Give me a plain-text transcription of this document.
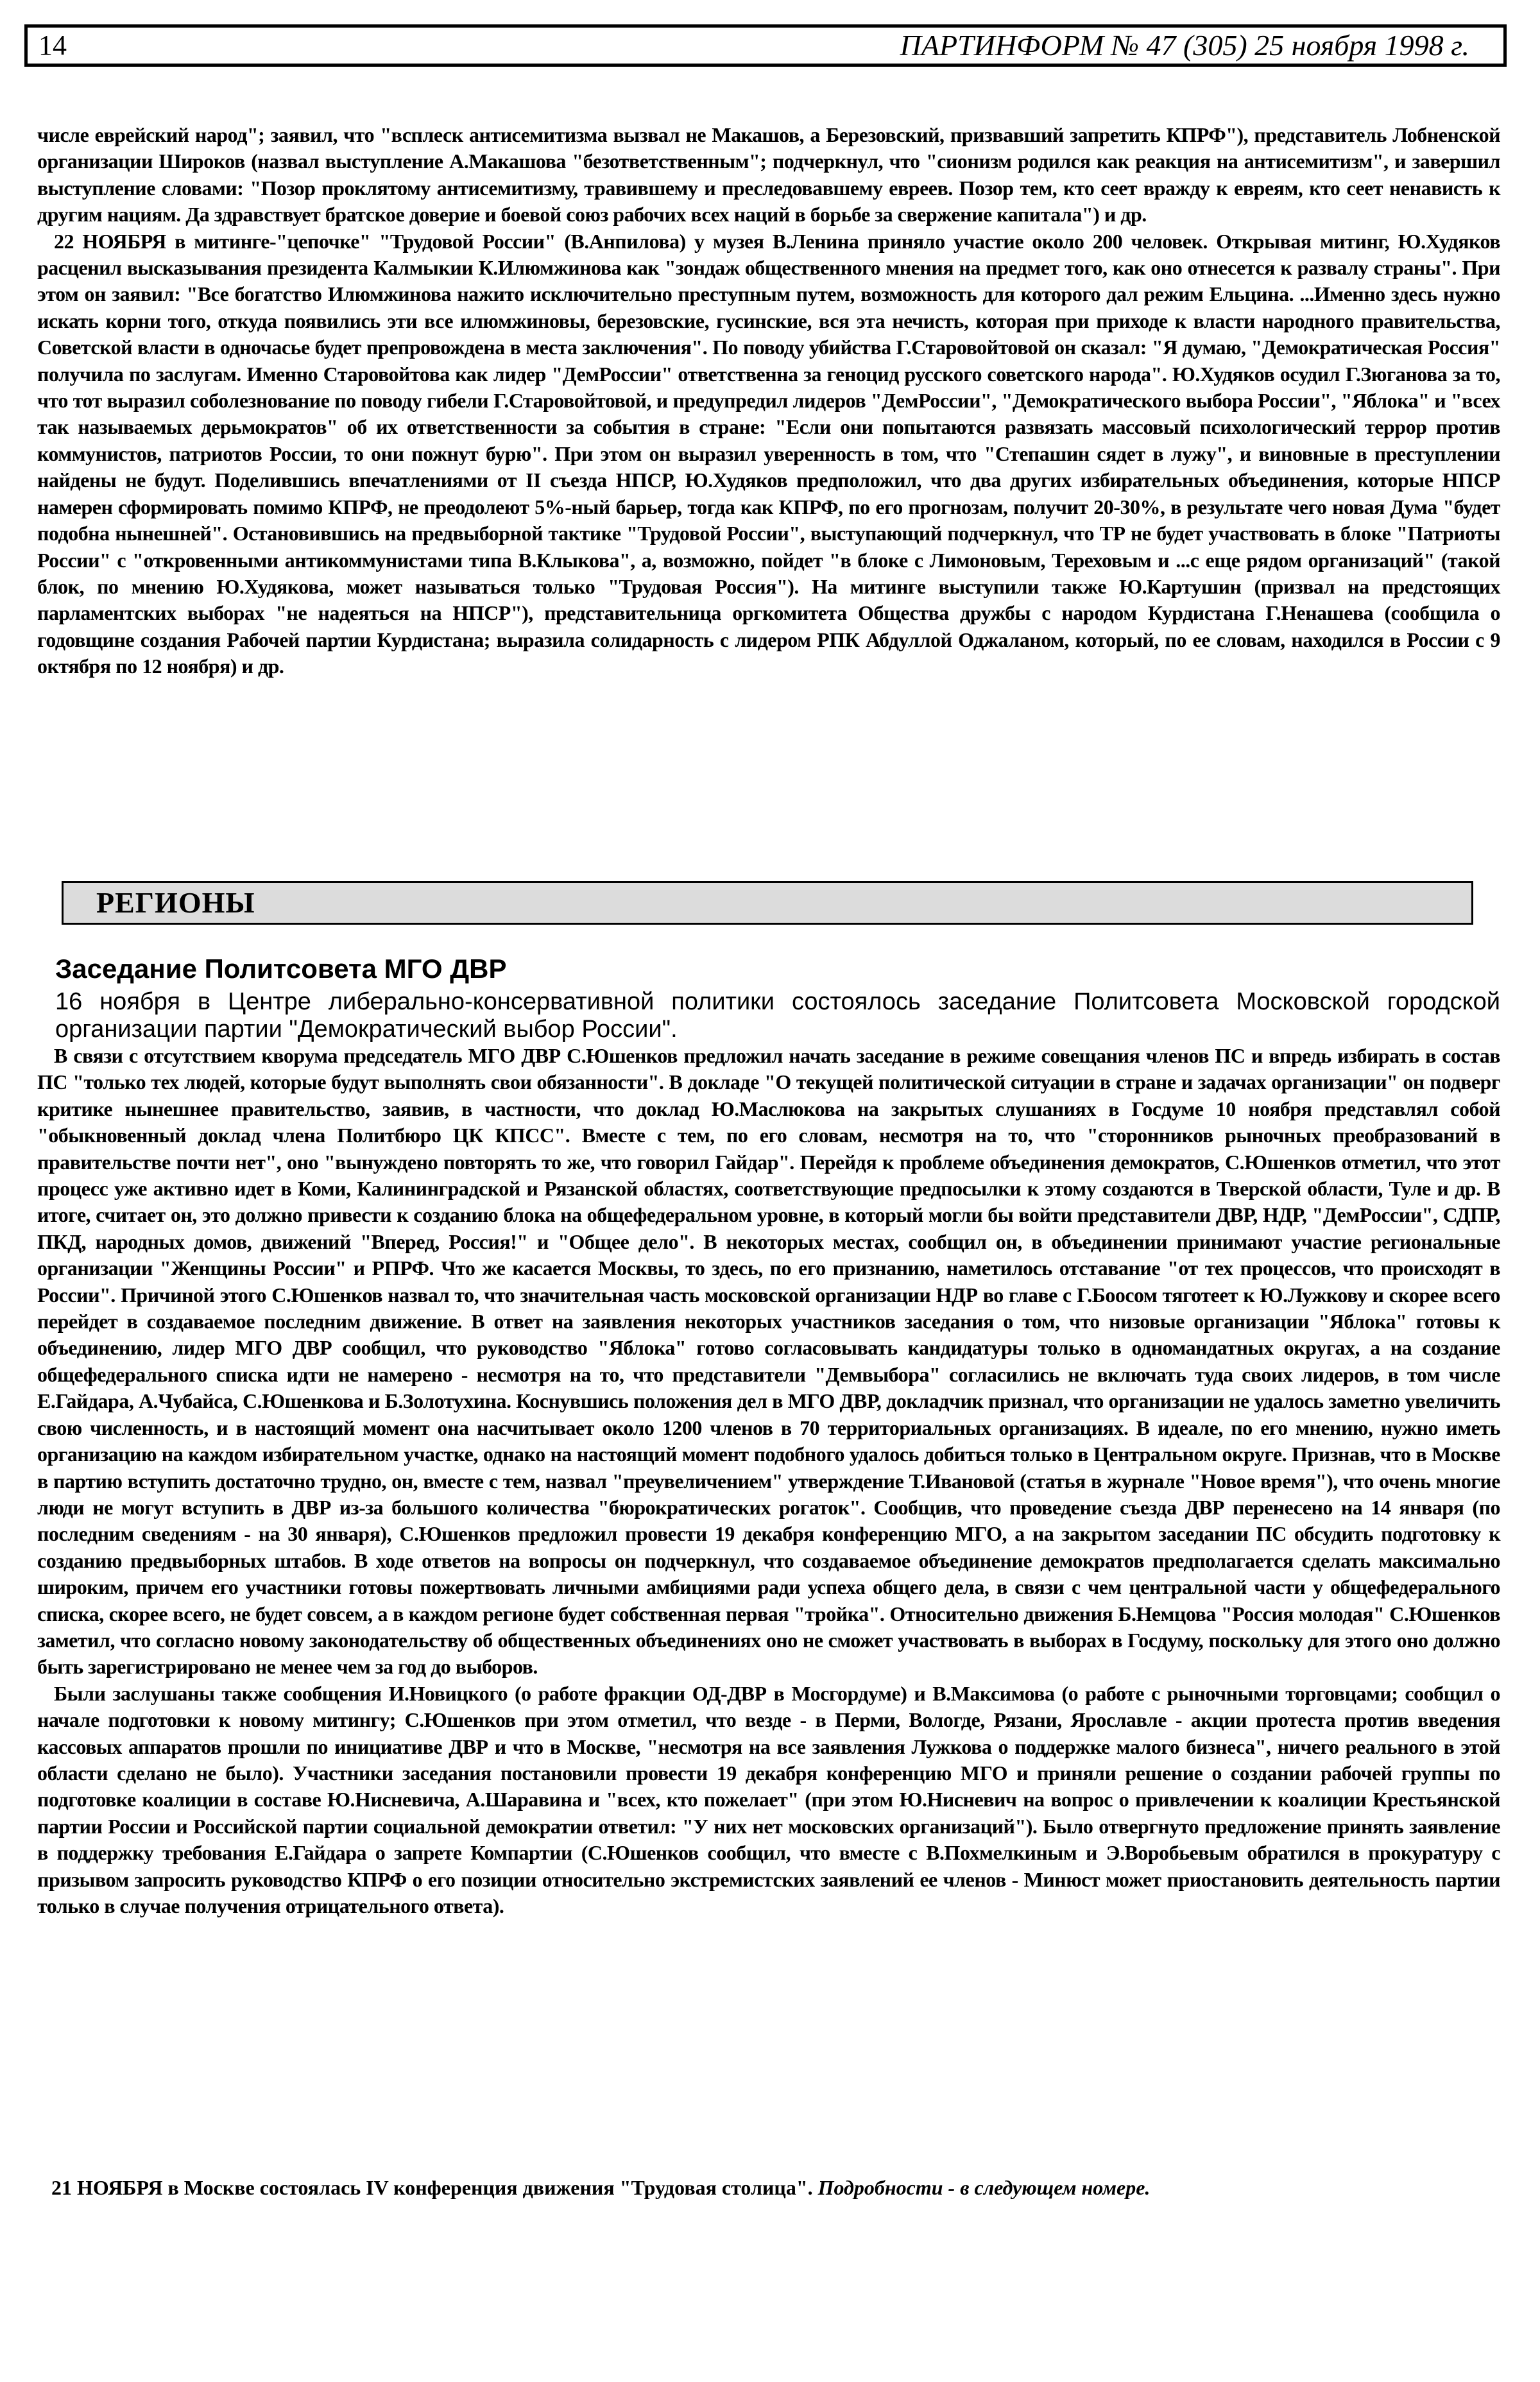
14	ПАРТИНФОРМ № 47 (305) 25 ноября 1998 г.

числе еврейский народ"; заявил, что "всплеск антисемитизма вызвал не Макашов, а Березовский, призвавший запретить КПРФ"), представитель Лобненской организации Широков (назвал выступление А.Макашова "безответственным"; подчеркнул, что "сионизм родился как реакция на антисемитизм", и завершил выступление словами: "Позор проклятому антисемитизму, травившему и преследовавшему евреев. Позор тем, кто сеет вражду к евреям, кто сеет ненависть к другим нациям. Да здравствует братское доверие и боевой союз рабочих всех наций в борьбе за свержение капитала") и др.

22 НОЯБРЯ в митинге-"цепочке" "Трудовой России" (В.Анпилова) у музея В.Ленина приняло участие около 200 человек. Открывая митинг, Ю.Худяков расценил высказывания президента Калмыкии К.Илюмжинова как "зондаж общественного мнения на предмет того, как оно отнесется к развалу страны". При этом он заявил: "Все богатство Илюмжинова нажито исключительно преступным путем, возможность для которого дал режим Ельцина. ...Именно здесь нужно искать корни того, откуда появились эти все илюмжиновы, березовские, гусинские, вся эта нечисть, которая при приходе к власти народного правительства, Советской власти в одночасье будет препровождена в места заключения". По поводу убийства Г.Старовойтовой он сказал: "Я думаю, "Демократическая Россия" получила по заслугам. Именно Старовойтова как лидер "ДемРоссии" ответственна за геноцид русского советского народа". Ю.Худяков осудил Г.Зюганова за то, что тот выразил соболезнование по поводу гибели Г.Старовойтовой, и предупредил лидеров "ДемРоссии", "Демократического выбора России", "Яблока" и "всех так называемых дерьмократов" об их ответственности за события в стране: "Если они попытаются развязать массовый психологический террор против коммунистов, патриотов России, то они пожнут бурю". При этом он выразил уверенность в том, что "Степашин сядет в лужу", и виновные в преступлении найдены не будут. Поделившись впечатлениями от II съезда НПСР, Ю.Худяков предположил, что два других избирательных объединения, которые НПСР намерен сформировать помимо КПРФ, не преодолеют 5%-ный барьер, тогда как КПРФ, по его прогнозам, получит 20-30%, в результате чего новая Дума "будет подобна нынешней". Остановившись на предвыборной тактике "Трудовой России", выступающий подчеркнул, что ТР не будет участвовать в блоке "Патриоты России" с "откровенными антикоммунистами типа В.Клыкова", а, возможно, пойдет "в блоке с Лимоновым, Тереховым и ...с еще рядом организаций" (такой блок, по мнению Ю.Худякова, может называться только "Трудовая Россия"). На митинге выступили также Ю.Картушин (призвал на предстоящих парламентских выборах "не надеяться на НПСР"), представительница оргкомитета Общества дружбы с народом Курдистана Г.Ненашева (сообщила о годовщине создания Рабочей партии Курдистана; выразила солидарность с лидером РПК Абдуллой Оджаланом, который, по ее словам, находился в России с 9 октября по 12 ноября) и др.

РЕГИОНЫ
Заседание Политсовета МГО ДВР

16 ноября в Центре либерально-консервативной политики состоялось заседание Политсовета Московской городской организации партии "Демократический выбор России".

В связи с отсутствием кворума председатель МГО ДВР С.Юшенков предложил начать заседание в режиме совещания членов ПС и впредь избирать в состав ПС "только тех людей, которые будут выполнять свои обязанности". В докладе "О текущей политической ситуации в стране и задачах организации" он подверг критике нынешнее правительство, заявив, в частности, что доклад Ю.Маслюкова на закрытых слушаниях в Госдуме 10 ноября представлял собой "обыкновенный доклад члена Политбюро ЦК КПСС". Вместе с тем, по его словам, несмотря на то, что "сторонников рыночных преобразований в правительстве почти нет", оно "вынуждено повторять то же, что говорил Гайдар". Перейдя к проблеме объединения демократов, С.Юшенков отметил, что этот процесс уже активно идет в Коми, Калининградской и Рязанской областях, соответствующие предпосылки к этому создаются в Тверской области, Туле и др. В итоге, считает он, это должно привести к созданию блока на общефедеральном уровне, в который могли бы войти представители ДВР, НДР, "ДемРоссии", СДПР, ПКД, народных домов, движений "Вперед, Россия!" и "Общее дело". В некоторых местах, сообщил он, в объединении принимают участие региональные организации "Женщины России" и РПРФ. Что же касается Москвы, то здесь, по его признанию, наметилось отставание "от тех процессов, что происходят в России". Причиной этого С.Юшенков назвал то, что значительная часть московской организации НДР во главе с Г.Боосом тяготеет к Ю.Лужкову и скорее всего перейдет в создаваемое последним движение. В ответ на заявления некоторых участников заседания о том, что низовые организации "Яблока" готовы к объединению, лидер МГО ДВР сообщил, что руководство "Яблока" готово согласовывать кандидатуры только в одномандатных округах, а на создание общефедерального списка идти не намерено - несмотря на то, что представители "Демвыбора" согласились не включать туда своих лидеров, в том числе Е.Гайдара, А.Чубайса, С.Юшенкова и Б.Золотухина. Коснувшись положения дел в МГО ДВР, докладчик признал, что организации не удалось заметно увеличить свою численность, и в настоящий момент она насчитывает около 1200 членов в 70 территориальных организациях. В идеале, по его мнению, нужно иметь организацию на каждом избирательном участке, однако на настоящий момент подобного удалось добиться только в Центральном округе. Признав, что в Москве в партию вступить достаточно трудно, он, вместе с тем, назвал "преувеличением" утверждение Т.Ивановой (статья в журнале "Новое время"), что очень многие люди не могут вступить в ДВР из-за большого количества "бюрократических рогаток". Сообщив, что проведение съезда ДВР перенесено на 14 января (по последним сведениям - на 30 января), С.Юшенков предложил провести 19 декабря конференцию МГО, а на закрытом заседании ПС обсудить подготовку к созданию предвыборных штабов. В ходе ответов на вопросы он подчеркнул, что создаваемое объединение демократов предполагается сделать максимально широким, причем его участники готовы пожертвовать личными амбициями ради успеха общего дела, в связи с чем центральной части у общефедерального списка, скорее всего, не будет совсем, а в каждом регионе будет собственная первая "тройка". Относительно движения Б.Немцова "Россия молодая" С.Юшенков заметил, что согласно новому законодательству об общественных объединениях оно не сможет участвовать в выборах в Госдуму, поскольку для этого оно должно быть зарегистрировано не менее чем за год до выборов.

Были заслушаны также сообщения И.Новицкого (о работе фракции ОД-ДВР в Мосгордуме) и В.Максимова (о работе с рыночными торговцами; сообщил о начале подготовки к новому митингу; С.Юшенков при этом отметил, что везде - в Перми, Вологде, Рязани, Ярославле - акции протеста против введения кассовых аппаратов прошли по инициативе ДВР и что в Москве, "несмотря на все заявления Лужкова о поддержке малого бизнеса", ничего реального в этой области сделано не было). Участники заседания постановили провести 19 декабря конференцию МГО и приняли решение о создании рабочей группы по подготовке коалиции в составе Ю.Нисневича, А.Шаравина и "всех, кто пожелает" (при этом Ю.Нисневич на вопрос о привлечении к коалиции Крестьянской партии России и Российской партии социальной демократии ответил: "У них нет московских организаций"). Было отвергнуто предложение принять заявление в поддержку требования Е.Гайдара о запрете Компартии (С.Юшенков сообщил, что вместе с В.Похмелкиным и Э.Воробьевым обратился в прокуратуру с призывом запросить руководство КПРФ о его позиции относительно экстремистских заявлений ее членов - Минюст может приостановить деятельность партии только в случае получения отрицательного ответа).

21 НОЯБРЯ в Москве состоялась IV конференция движения "Трудовая столица". Подробности - в следующем номере.
